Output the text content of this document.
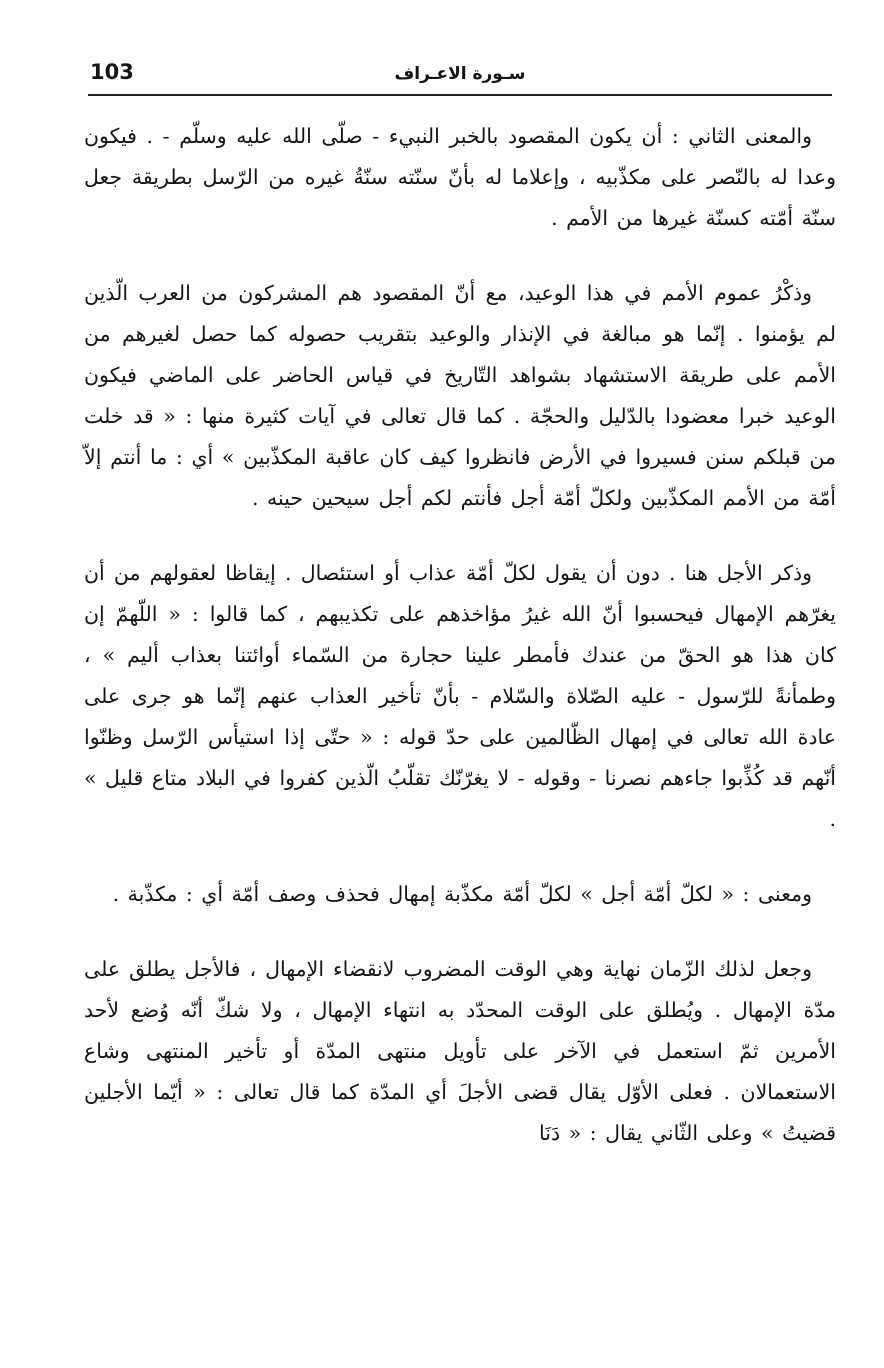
103	سـورة الاعـراف

والمعنى الثاني : أن يكون المقصود بالخبر النبيء - صلّى الله عليه وسلّم - . فيكون وعدا له بالنّصر على مكذّبيه ، وإعلاما له بأنّ سنّته سنّةُ غيره من الرّسل بطريقة جعل سنّة أمّته كسنّة غيرها من الأمم .

وذكْرُ عموم الأمم في هذا الوعيد، مع أنّ المقصود هم المشركون من العرب الّذين لم يؤمنوا . إنّما هو مبالغة في الإنذار والوعيد بتقريب حصوله كما حصل لغيرهم من الأمم على طريقة الاستشهاد بشواهد التّاريخ في قياس الحاضر على الماضي فيكون الوعيد خبرا معضودا بالدّليل والحجّة . كما قال تعالى في آيات كثيرة منها : « قد خلت من قبلكم سنن فسيروا في الأرض فانظروا كيف كان عاقبة المكذّبين » أي : ما أنتم إلاّ أمّة من الأمم المكذّبين ولكلّ أمّة أجل فأنتم لكم أجل سيحين حينه .

وذكر الأجل هنا . دون أن يقول لكلّ أمّة عذاب أو استئصال . إيقاظا لعقولهم من أن يغرّهم الإمهال فيحسبوا أنّ الله غيرُ مؤاخذهم على تكذيبهم ، كما قالوا : « اللّهمّ إن كان هذا هو الحقّ من عندك فأمطر علينا حجارة من السّماء أوائتنا بعذاب أليم » ، وطمأنةً للرّسول - عليه الصّلاة والسّلام - بأنّ تأخير العذاب عنهم إنّما هو جرى على عادة الله تعالى في إمهال الظّالمين على حدّ قوله : « حتّى إذا استيأس الرّسل وظنّوا أنّهم قد كُذِّبوا جاءهم نصرنا - وقوله - لا يغرّنّك تقلّبُ الّذين كفروا في البلاد متاع قليل » .

ومعنى : « لكلّ أمّة أجل » لكلّ أمّة مكذّبة إمهال فحذف وصف أمّة أي : مكذّبة .

وجعل لذلك الزّمان نهاية وهي الوقت المضروب لانقضاء الإمهال ، فالأجل يطلق على مدّة الإمهال . ويُطلق على الوقت المحدّد به انتهاء الإمهال ، ولا شكّ أنّه وُضع لأحد الأمرين ثمّ استعمل في الآخر على تأويل منتهى المدّة أو تأخير المنتهى وشاع الاستعمالان . فعلى الأوّل يقال قضى الأجلَ أي المدّة كما قال تعالى : « أيّما الأجلين قضيتُ » وعلى الثّاني يقال : « دَنَا
